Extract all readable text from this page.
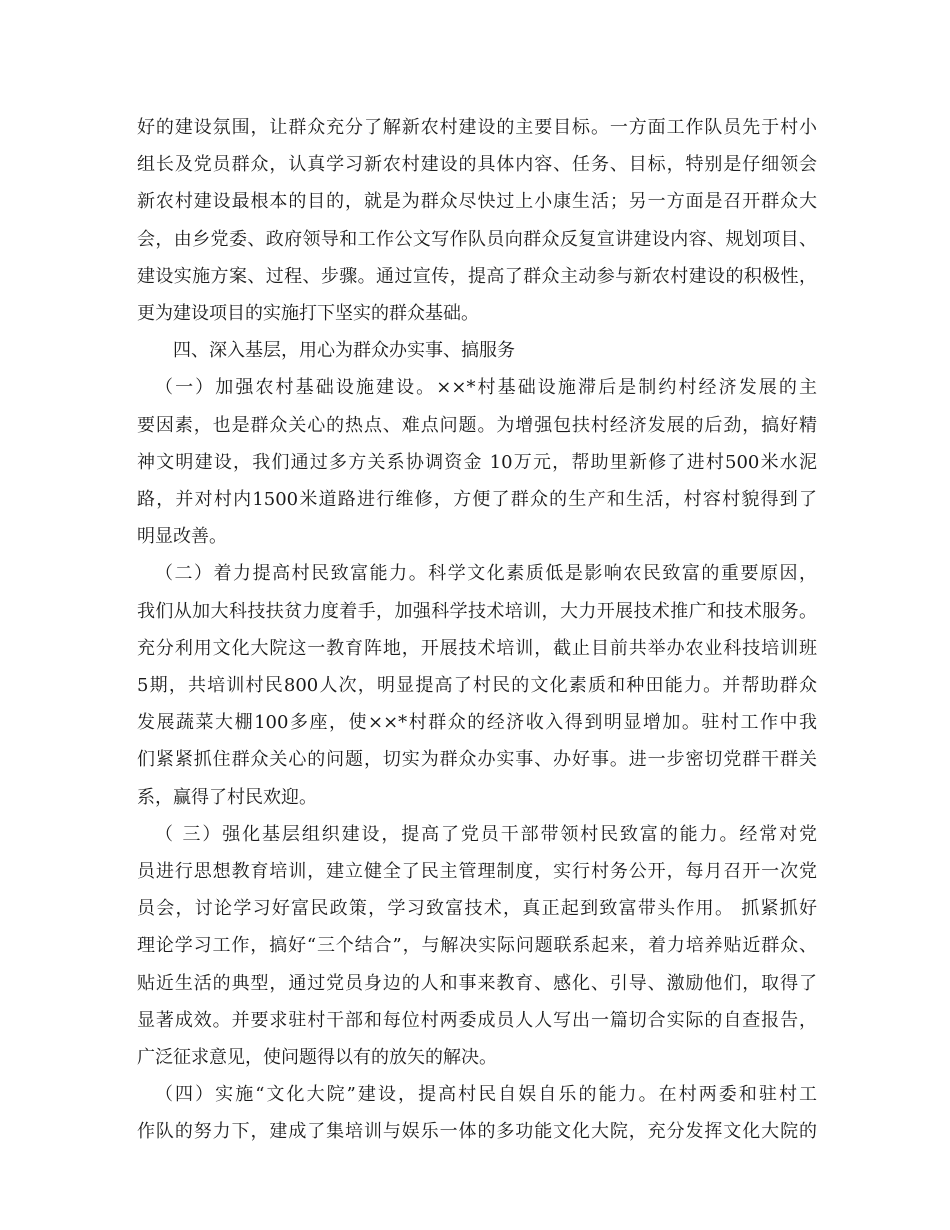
好的建设氛围，让群众充分了解新农村建设的主要目标。一方面工作队员先于村小
组长及党员群众，认真学习新农村建设的具体内容、任务、目标，特别是仔细领会
新农村建设最根本的目的，就是为群众尽快过上小康生活；另一方面是召开群众大
会，由乡党委、政府领导和工作公文写作队员向群众反复宣讲建设内容、规划项目、
建设实施方案、过程、步骤。通过宣传，提高了群众主动参与新农村建设的积极性，
更为建设项目的实施打下坚实的群众基础。
四、深入基层，用心为群众办实事、搞服务
（一）加强农村基础设施建设。××*村基础设施滞后是制约村经济发展的主
要因素，也是群众关心的热点、难点问题。为增强包扶村经济发展的后劲，搞好精
神文明建设，我们通过多方关系协调资金 10万元，帮助里新修了进村500米水泥
路，并对村内1500米道路进行维修，方便了群众的生产和生活，村容村貌得到了
明显改善。
（二）着力提高村民致富能力。科学文化素质低是影响农民致富的重要原因，
我们从加大科技扶贫力度着手，加强科学技术培训，大力开展技术推广和技术服务。
充分利用文化大院这一教育阵地，开展技术培训，截止目前共举办农业科技培训班
5期，共培训村民800人次，明显提高了村民的文化素质和种田能力。并帮助群众
发展蔬菜大棚100多座，使××*村群众的经济收入得到明显增加。驻村工作中我
们紧紧抓住群众关心的问题，切实为群众办实事、办好事。进一步密切党群干群关
系，赢得了村民欢迎。
（ 三）强化基层组织建设，提高了党员干部带领村民致富的能力。经常对党
员进行思想教育培训，建立健全了民主管理制度，实行村务公开，每月召开一次党
员会，讨论学习好富民政策，学习致富技术，真正起到致富带头作用。 抓紧抓好
理论学习工作，搞好“三个结合”，与解决实际问题联系起来，着力培养贴近群众、
贴近生活的典型，通过党员身边的人和事来教育、感化、引导、激励他们，取得了
显著成效。并要求驻村干部和每位村两委成员人人写出一篇切合实际的自查报告，
广泛征求意见，使问题得以有的放矢的解决。
（四）实施“文化大院”建设，提高村民自娱自乐的能力。在村两委和驻村工
作队的努力下，建成了集培训与娱乐一体的多功能文化大院，充分发挥文化大院的
